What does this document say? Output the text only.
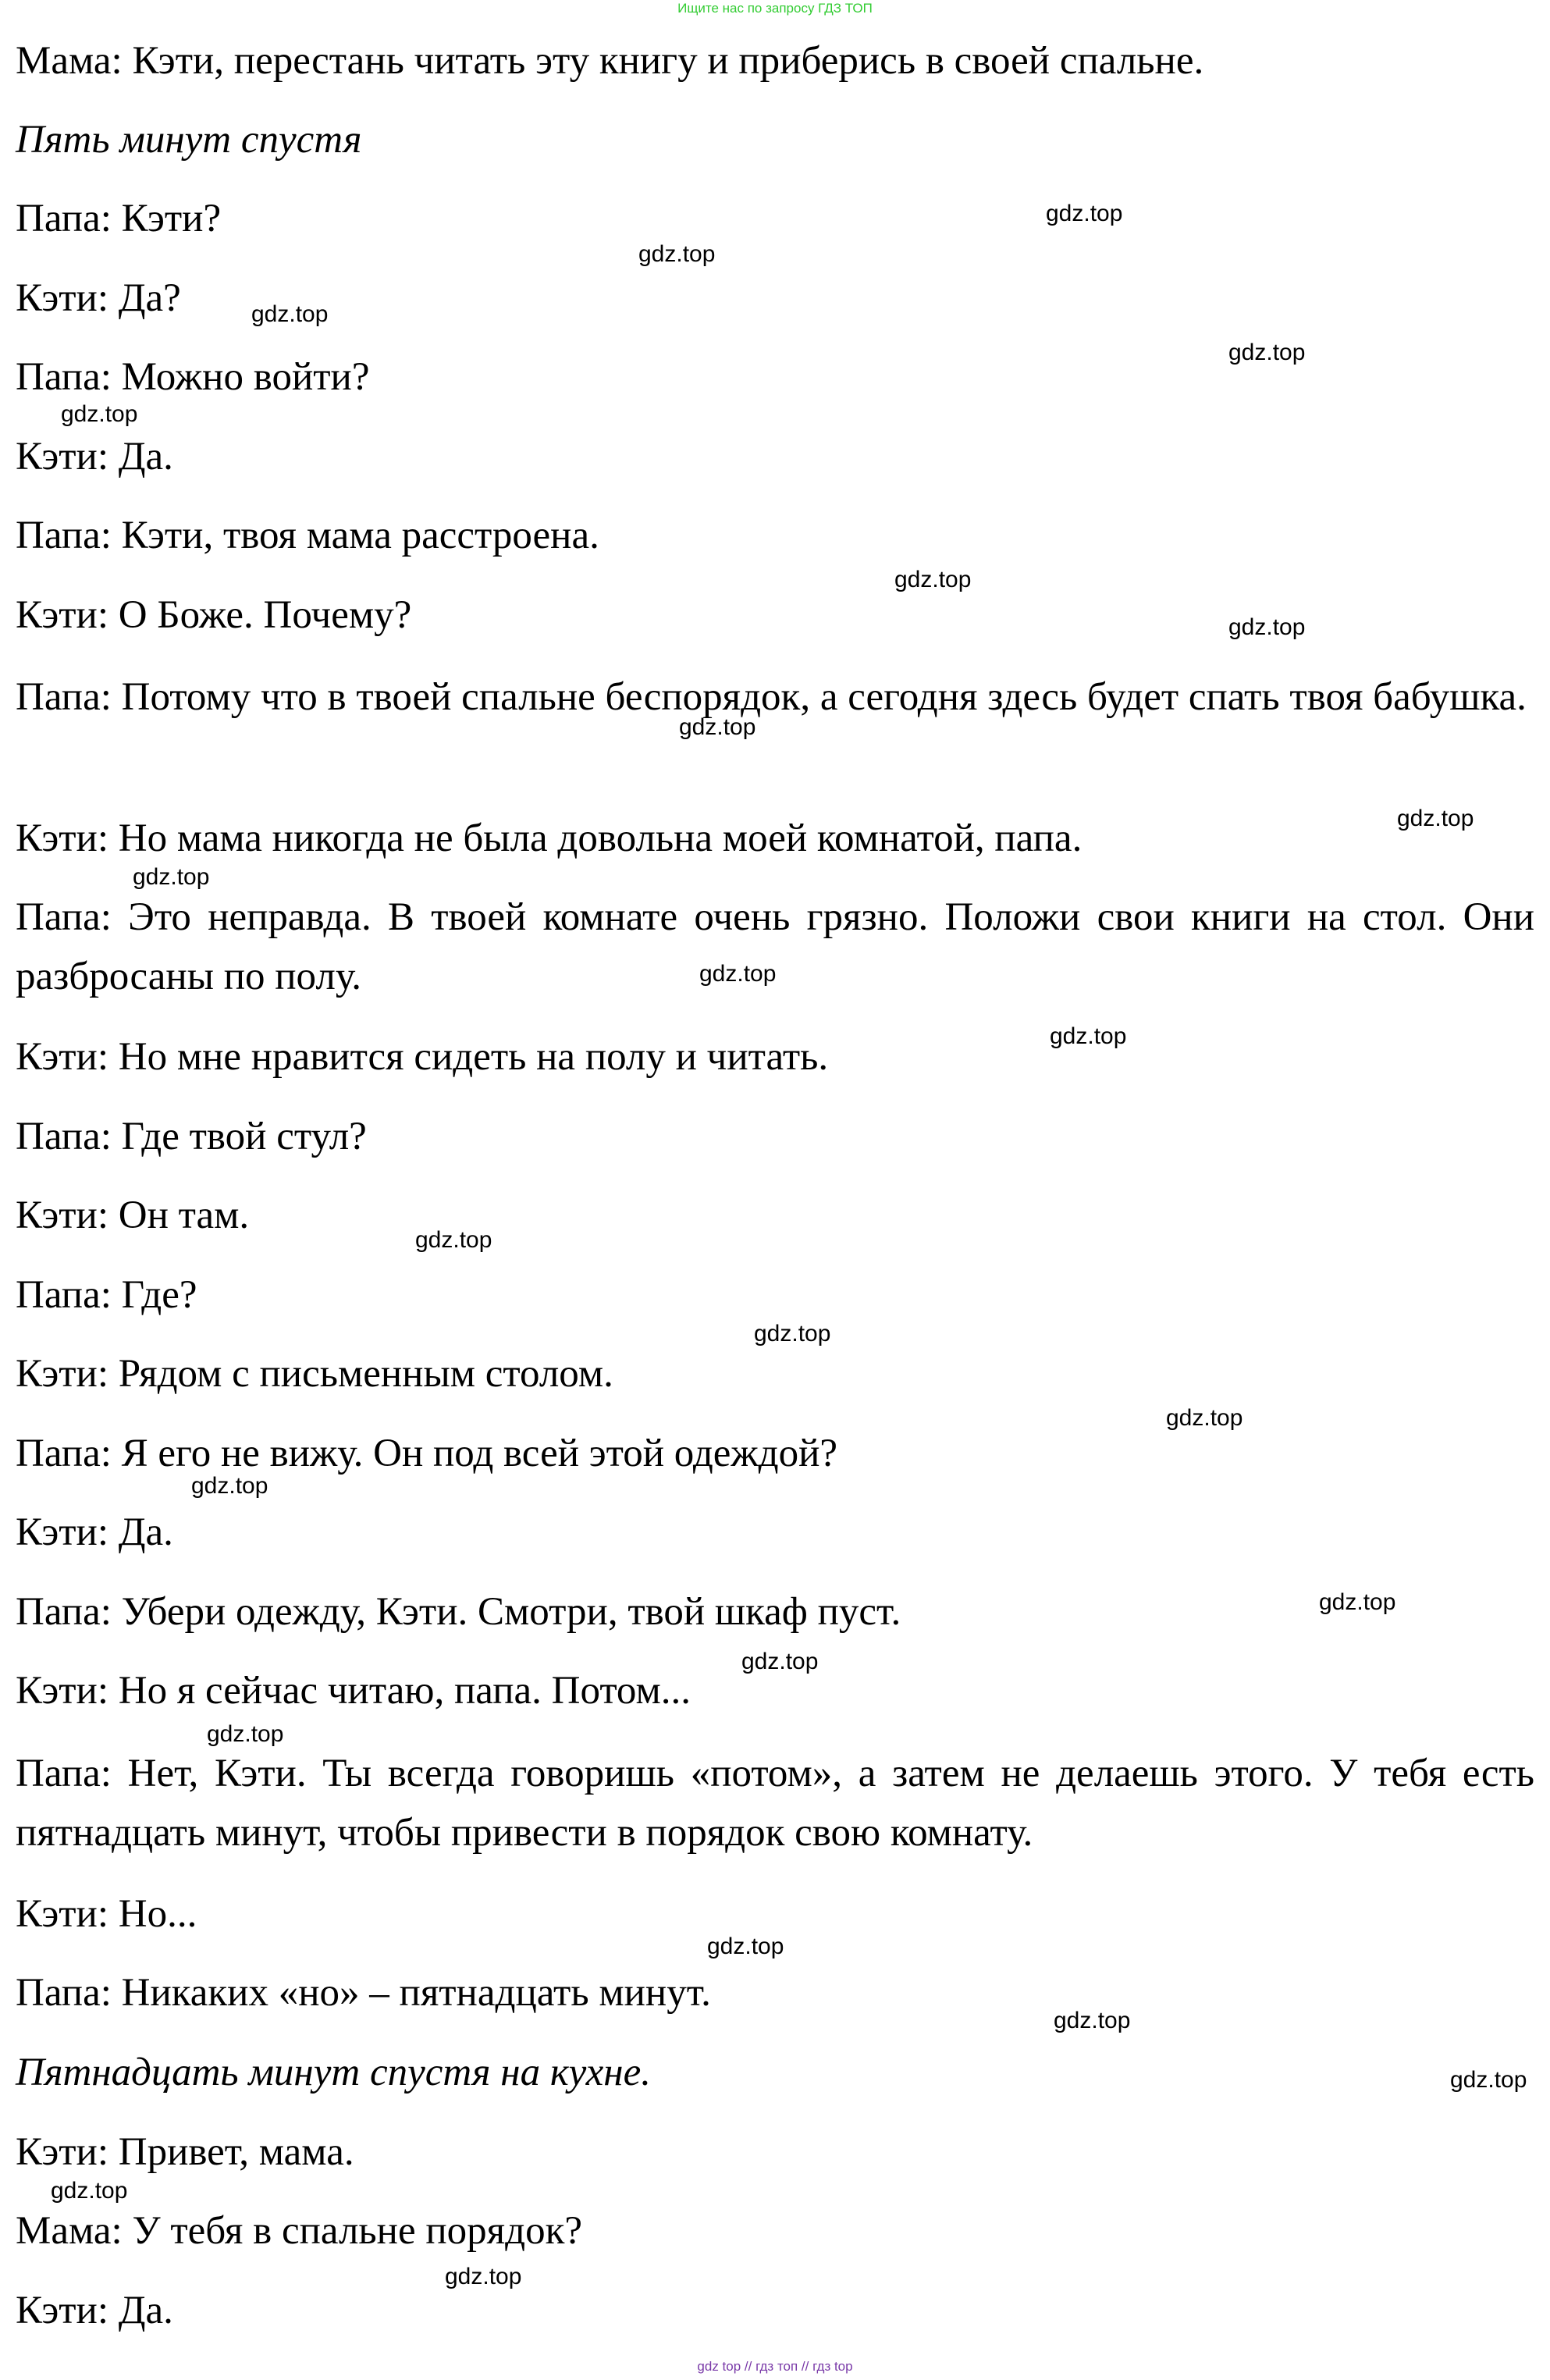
Ищите нас по запросу ГДЗ ТОП
Мама: Кэти, перестань читать эту книгу и приберись в своей спальне.
Пять минут спустя
Папа: Кэти?
Кэти: Да?
Папа: Можно войти?
Кэти: Да.
Папа: Кэти, твоя мама расстроена.
Кэти: О Боже. Почему?
Папа: Потому что в твоей спальне беспорядок, а сегодня здесь будет спать твоя бабушка.
Кэти: Но мама никогда не была довольна моей комнатой, папа.
Папа: Это неправда. В твоей комнате очень грязно. Положи свои книги на стол. Они разбросаны по полу.
Кэти: Но мне нравится сидеть на полу и читать.
Папа: Где твой стул?
Кэти: Он там.
Папа: Где?
Кэти: Рядом с письменным столом.
Папа: Я его не вижу. Он под всей этой одеждой?
Кэти: Да.
Папа: Убери одежду, Кэти. Смотри, твой шкаф пуст.
Кэти: Но я сейчас читаю, папа. Потом...
Папа: Нет, Кэти. Ты всегда говоришь «потом», а затем не делаешь этого. У тебя есть пятнадцать минут, чтобы привести в порядок свою комнату.
Кэти: Но...
Папа: Никаких «но» – пятнадцать минут.
Пятнадцать минут спустя на кухне.
Кэти: Привет, мама.
Мама: У тебя в спальне порядок?
Кэти: Да.
gdz.top
gdz.top
gdz.top
gdz.top
gdz.top
gdz.top
gdz.top
gdz.top
gdz.top
gdz.top
gdz.top
gdz.top
gdz.top
gdz.top
gdz.top
gdz.top
gdz.top
gdz.top
gdz.top
gdz.top
gdz.top
gdz.top
gdz.top
gdz.top
gdz top // гдз топ // гдз top
